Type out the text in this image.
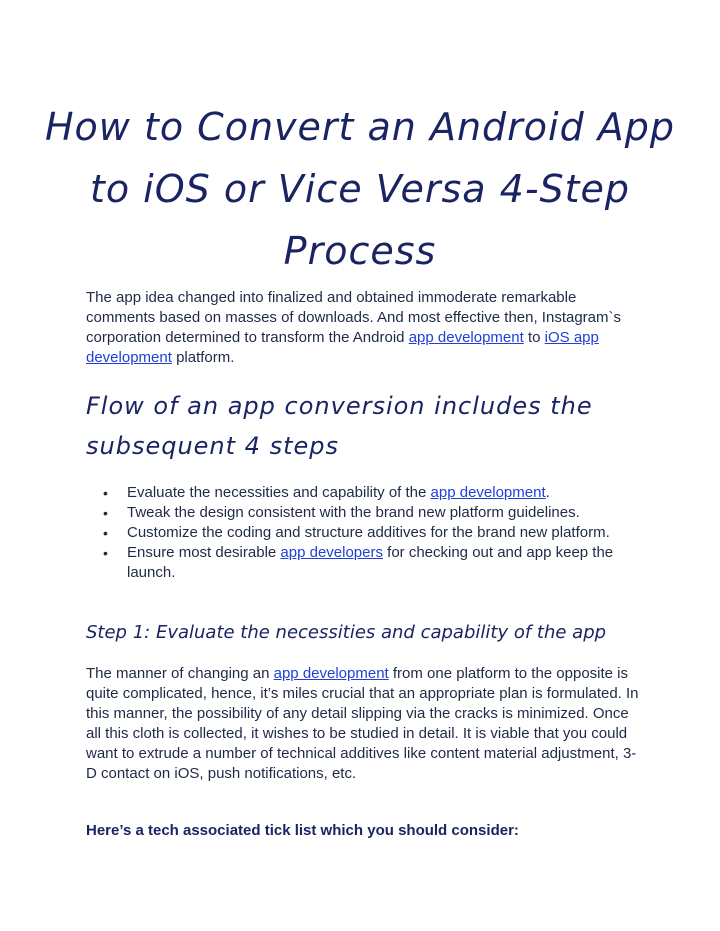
How to Convert an Android App to iOS or Vice Versa 4-Step Process

The app idea changed into finalized and obtained immoderate remarkable comments based on masses of downloads. And most effective then, Instagram`s corporation determined to transform the Android app development to iOS app development platform.

Flow of an app conversion includes the subsequent 4 steps
•	Evaluate the necessities and capability of the app development.
•	Tweak the design consistent with the brand new platform guidelines.
•	Customize the coding and structure additives for the brand new platform.
•	Ensure most desirable app developers for checking out and app keep the launch.
Step 1: Evaluate the necessities and capability of the app

The manner of changing an app development from one platform to the opposite is quite complicated, hence, it’s miles crucial that an appropriate plan is formulated. In this manner, the possibility of any detail slipping via the cracks is minimized. Once all this cloth is collected, it wishes to be studied in detail. It is viable that you could want to extrude a number of technical additives like content material adjustment, 3-D contact on iOS, push notifications, etc.

Here’s a tech associated tick list which you should consider:
